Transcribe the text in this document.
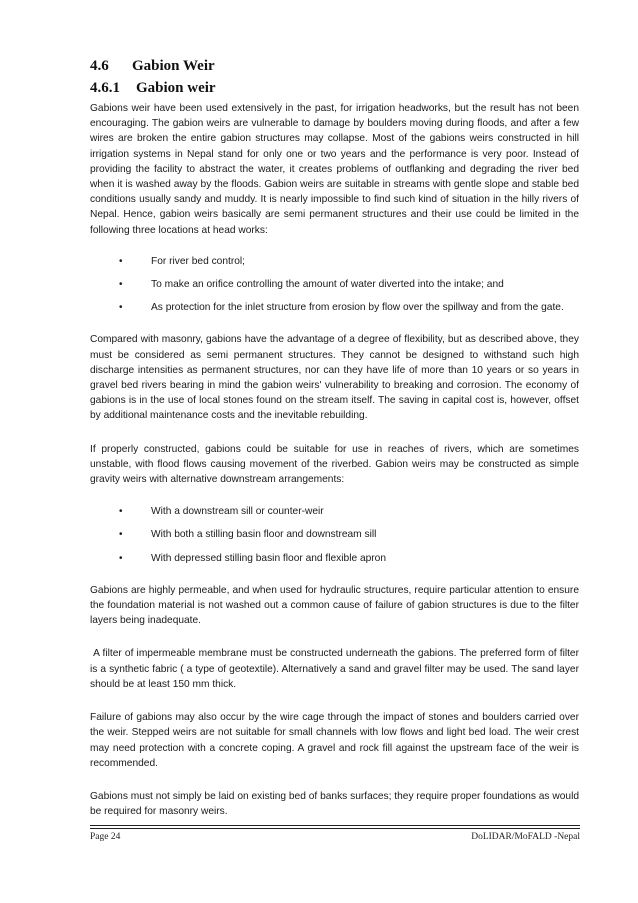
4.6 Gabion Weir
4.6.1 Gabion weir

Gabions weir have been used extensively in the past, for irrigation headworks, but the result has not been encouraging. The gabion weirs are vulnerable to damage by boulders moving during floods, and after a few wires are broken the entire gabion structures may collapse. Most of the gabions weirs constructed in hill irrigation systems in Nepal stand for only one or two years and the performance is very poor. Instead of providing the facility to abstract the water, it creates problems of outflanking and degrading the river bed when it is washed away by the floods. Gabion weirs are suitable in streams with gentle slope and stable bed conditions usually sandy and muddy. It is nearly impossible to find such kind of situation in the hilly rivers of Nepal. Hence, gabion weirs basically are semi permanent structures and their use could be limited in the following three locations at head works:

•	For river bed control;
•	To make an orifice controlling the amount of water diverted into the intake; and
•	As protection for the inlet structure from erosion by flow over the spillway and from the gate.

Compared with masonry, gabions have the advantage of a degree of flexibility, but as described above, they must be considered as semi permanent structures. They cannot be designed to withstand such high discharge intensities as permanent structures, nor can they have life of more than 10 years or so years in gravel bed rivers bearing in mind the gabion weirs' vulnerability to breaking and corrosion. The economy of gabions is in the use of local stones found on the stream itself. The saving in capital cost is, however, offset by additional maintenance costs and the inevitable rebuilding.

If properly constructed, gabions could be suitable for use in reaches of rivers, which are sometimes unstable, with flood flows causing movement of the riverbed. Gabion weirs may be constructed as simple gravity weirs with alternative downstream arrangements:

•	With a downstream sill or counter-weir
•	With both a stilling basin floor and downstream sill
•	With depressed stilling basin floor and flexible apron

Gabions are highly permeable, and when used for hydraulic structures, require particular attention to ensure the foundation material is not washed out a common cause of failure of gabion structures is due to the filter layers being inadequate.

A filter of impermeable membrane must be constructed underneath the gabions. The preferred form of filter is a synthetic fabric ( a type of geotextile). Alternatively a sand and gravel filter may be used. The sand layer should be at least 150 mm thick.

Failure of gabions may also occur by the wire cage through the impact of stones and boulders carried over the weir. Stepped weirs are not suitable for small channels with low flows and light bed load. The weir crest may need protection with a concrete coping. A gravel and rock fill against the upstream face of the weir is recommended.

Gabions must not simply be laid on existing bed of banks surfaces; they require proper foundations as would be required for masonry weirs.

Page 24	DoLIDAR/MoFALD -Nepal
